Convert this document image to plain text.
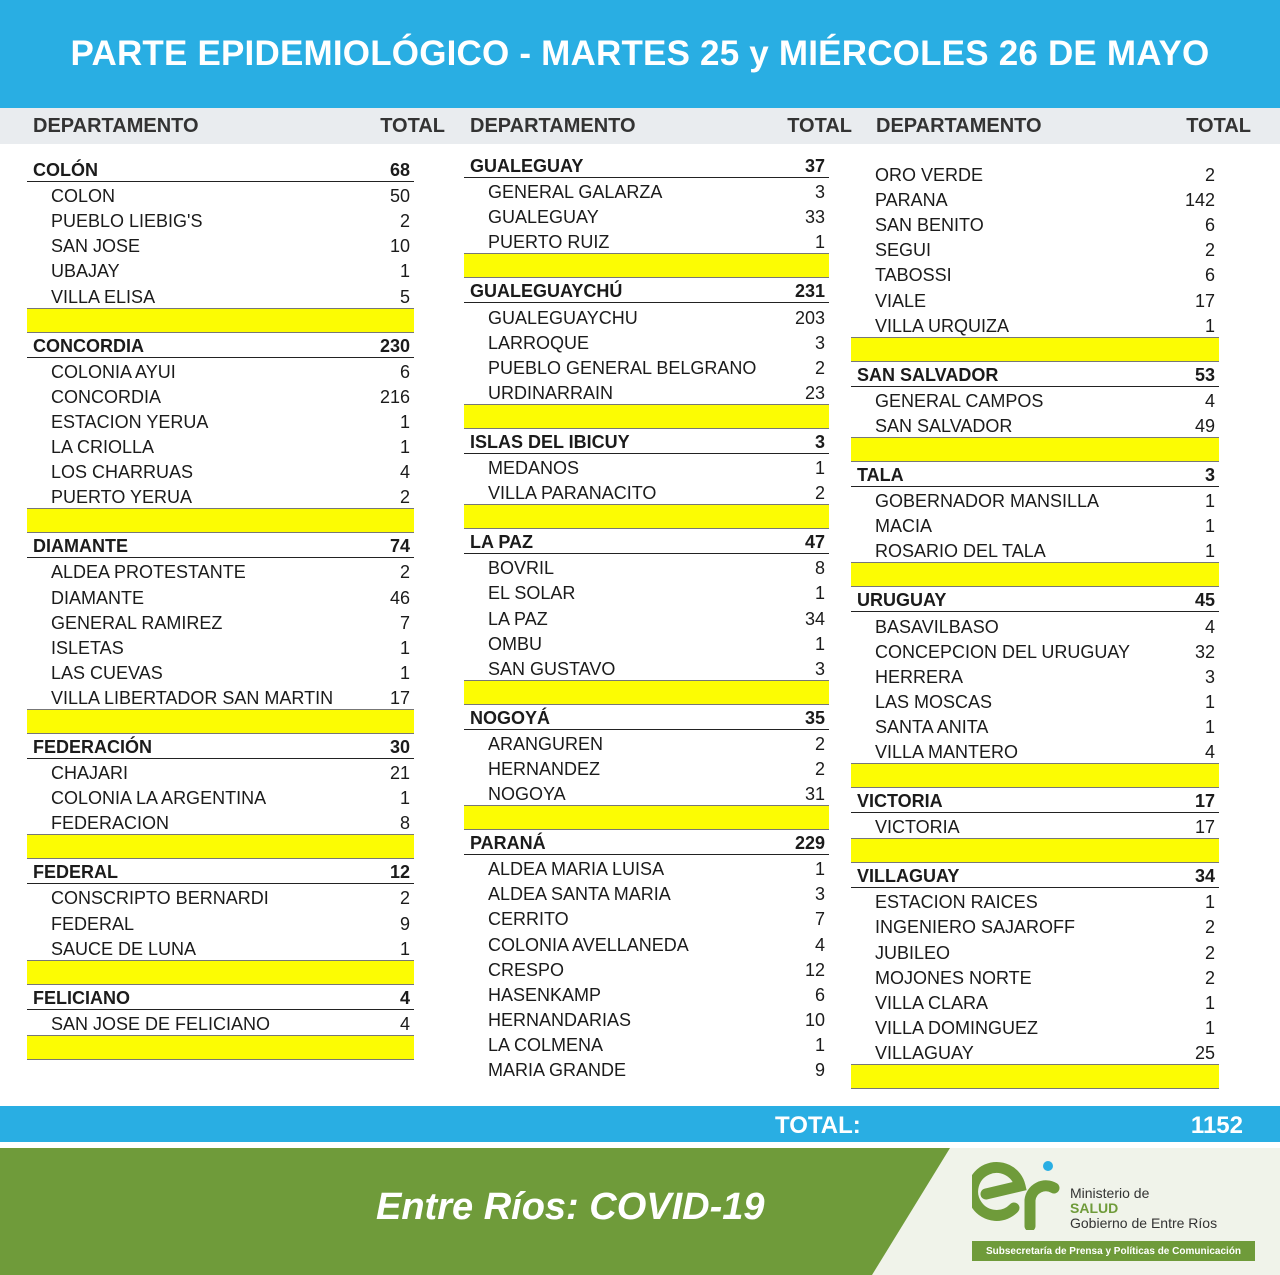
PARTE EPIDEMIOLÓGICO - MARTES 25 y MIÉRCOLES 26 DE MAYO
DEPARTAMENTO	TOTAL DEPARTAMENTO	TOTAL DEPARTAMENTO	TOTAL
COLÓN	68
COLON	50
PUEBLO LIEBIG'S	2
SAN JOSE	10
UBAJAY	1
VILLA ELISA	5
CONCORDIA	230
COLONIA AYUI	6
CONCORDIA	216
ESTACION YERUA	1
LA CRIOLLA	1
LOS CHARRUAS	4
PUERTO YERUA	2
DIAMANTE	74
ALDEA PROTESTANTE	2
DIAMANTE	46
GENERAL RAMIREZ	7
ISLETAS	1
LAS CUEVAS	1
VILLA LIBERTADOR SAN MARTIN	17
FEDERACIÓN	30
CHAJARI	21
COLONIA LA ARGENTINA	1
FEDERACION	8
FEDERAL	12
CONSCRIPTO BERNARDI	2
FEDERAL	9
SAUCE DE LUNA	1
FELICIANO	4
SAN JOSE DE FELICIANO	4
GUALEGUAY	37
GENERAL GALARZA	3
GUALEGUAY	33
PUERTO RUIZ	1
GUALEGUAYCHÚ	231
GUALEGUAYCHU	203
LARROQUE	3
PUEBLO GENERAL BELGRANO	2
URDINARRAIN	23
ISLAS DEL IBICUY	3
MEDANOS	1
VILLA PARANACITO	2
LA PAZ	47
BOVRIL	8
EL SOLAR	1
LA PAZ	34
OMBU	1
SAN GUSTAVO	3
NOGOYÁ	35
ARANGUREN	2
HERNANDEZ	2
NOGOYA	31
PARANÁ	229
ALDEA MARIA LUISA	1
ALDEA SANTA MARIA	3
CERRITO	7
COLONIA AVELLANEDA	4
CRESPO	12
HASENKAMP	6
HERNANDARIAS	10
LA COLMENA	1
MARIA GRANDE	9
ORO VERDE	2
PARANA	142
SAN BENITO	6
SEGUI	2
TABOSSI	6
VIALE	17
VILLA URQUIZA	1
SAN SALVADOR	53
GENERAL CAMPOS	4
SAN SALVADOR	49
TALA	3
GOBERNADOR MANSILLA	1
MACIA	1
ROSARIO DEL TALA	1
URUGUAY	45
BASAVILBASO	4
CONCEPCION DEL URUGUAY	32
HERRERA	3
LAS MOSCAS	1
SANTA ANITA	1
VILLA MANTERO	4
VICTORIA	17
VICTORIA	17
VILLAGUAY	34
ESTACION RAICES	1
INGENIERO SAJAROFF	2
JUBILEO	2
MOJONES NORTE	2
VILLA CLARA	1
VILLA DOMINGUEZ	1
VILLAGUAY	25
TOTAL:	1152
Entre Ríos: COVID-19	Ministerio de
SALUD
Gobierno de Entre Ríos
Subsecretaría de Prensa y Políticas de Comunicación
